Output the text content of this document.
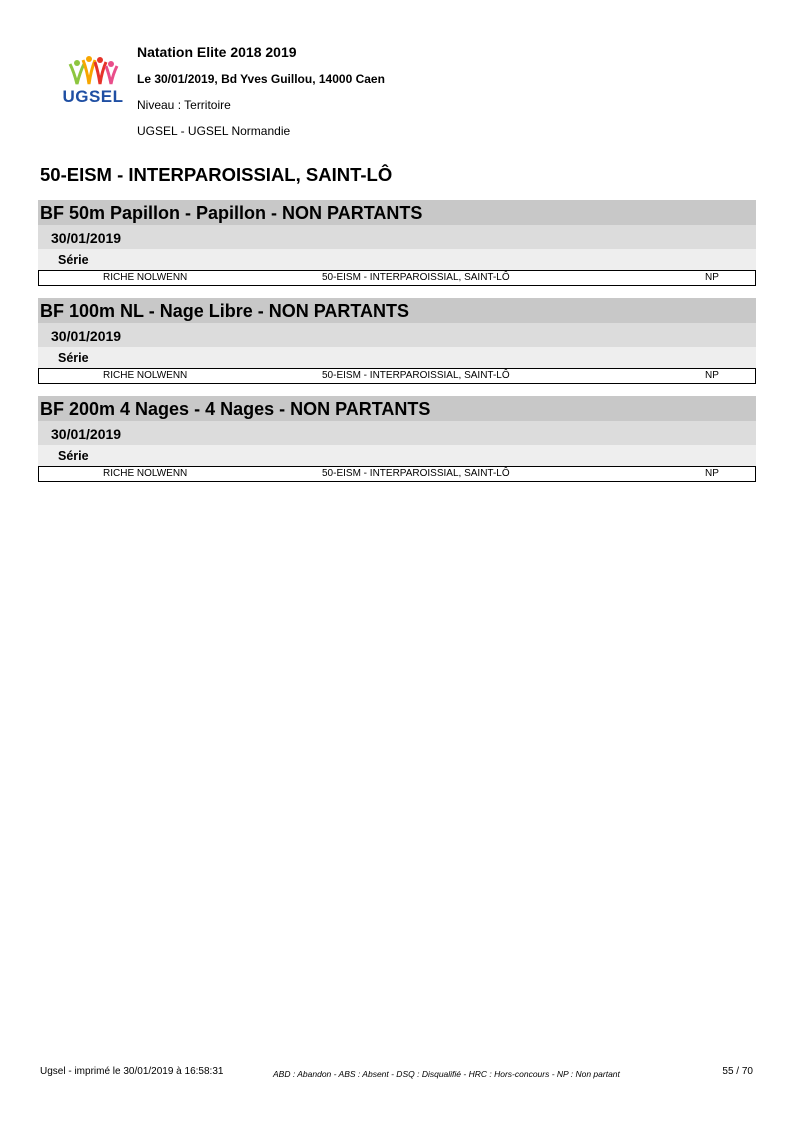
UGSEL
Natation Elite 2018 2019
Le 30/01/2019, Bd Yves Guillou, 14000 Caen
Niveau : Territoire
UGSEL - UGSEL Normandie
50-EISM - INTERPAROISSIAL, SAINT-LÔ
BF 50m Papillon - Papillon - NON PARTANTS
30/01/2019
Série
RICHE NOLWENN	50-EISM - INTERPAROISSIAL, SAINT-LÔ	NP
BF 100m NL - Nage Libre - NON PARTANTS
30/01/2019
Série
RICHE NOLWENN	50-EISM - INTERPAROISSIAL, SAINT-LÔ	NP
BF 200m 4 Nages - 4 Nages - NON PARTANTS
30/01/2019
Série
RICHE NOLWENN	50-EISM - INTERPAROISSIAL, SAINT-LÔ	NP
Ugsel - imprimé le 30/01/2019 à 16:58:31	ABD : Abandon - ABS : Absent - DSQ : Disqualifié - HRC : Hors-concours - NP : Non partant	55 / 70
